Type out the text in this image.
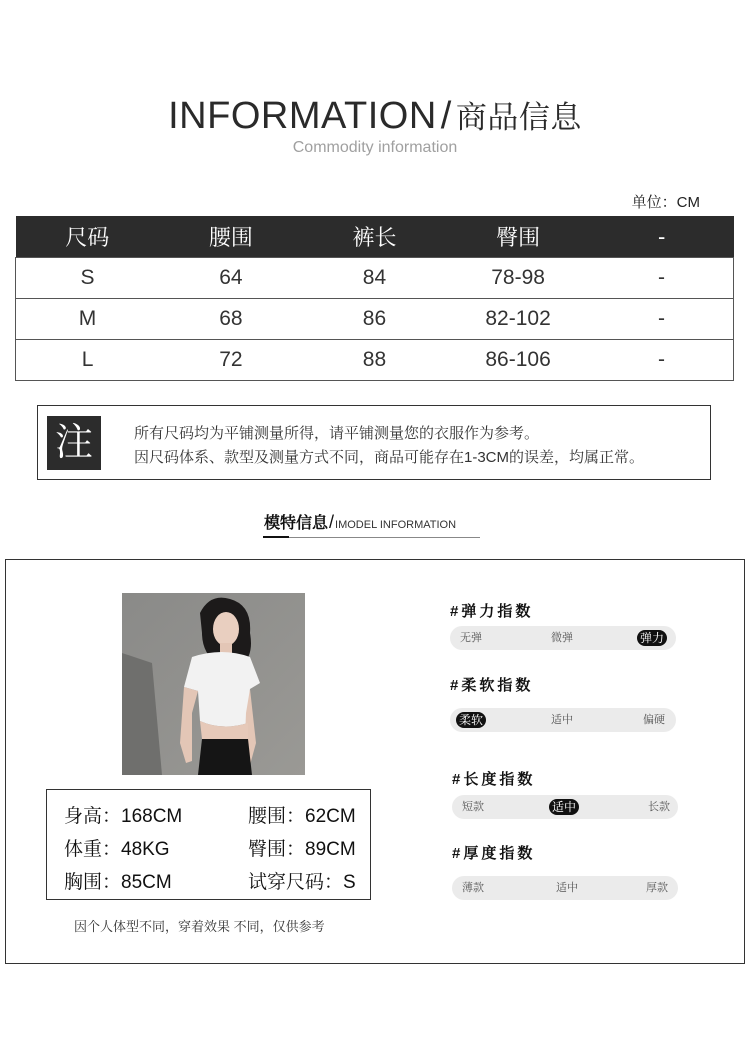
INFORMATION / 商品信息
Commodity information
单位：CM
尺码	腰围	裤长	臀围	-
S	64	84	78-98	-
M	68	86	82-102	-
L	72	88	86-106	-
注	所有尺码均为平铺测量所得，请平铺测量您的衣服作为参考。
因尺码体系、款型及测量方式不同，商品可能存在1-3CM的误差，均属正常。
模特信息/IMODEL INFORMATION
身高：168CM	腰围：62CM
体重：48KG	臀围：89CM
胸围：85CM	试穿尺码：S
因个人体型不同，穿着效果 不同，仅供参考
#弹力指数
无弹	微弹	弹力
#柔软指数
柔软	适中	偏硬
#长度指数
短款	适中	长款
#厚度指数
薄款	适中	厚款
